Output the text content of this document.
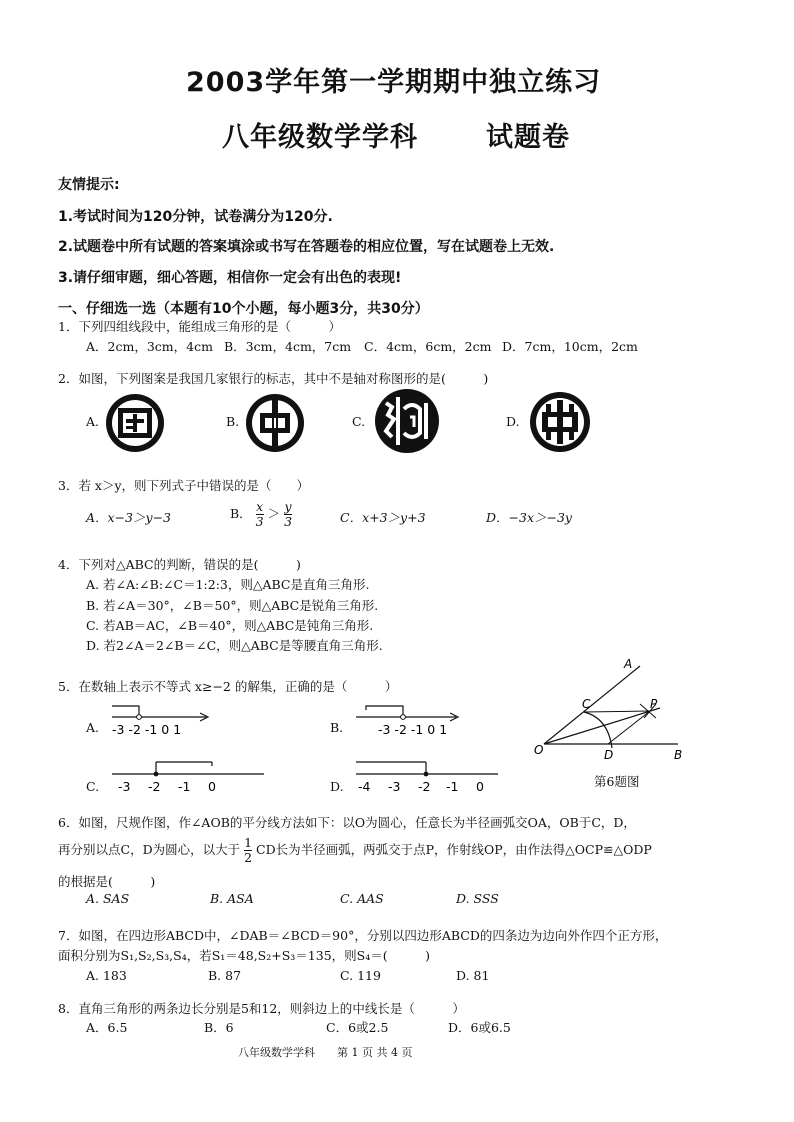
2003学年第一学期期中独立练习
八年级数学学科	试题卷
友情提示:
1.考试时间为120分钟，试卷满分为120分.
2.试题卷中所有试题的答案填涂或书写在答题卷的相应位置，写在试题卷上无效.
3.请仔细审题，细心答题，相信你一定会有出色的表现!
一、仔细选一选（本题有10个小题，每小题3分，共30分）
1．下列四组线段中，能组成三角形的是（　　　）
A．2cm，3cm，4cm B．3cm，4cm，7cm C．4cm，6cm，2cm D．7cm，10cm，2cm
2．如图，下列图案是我国几家银行的标志，其中不是轴对称图形的是(　　　)
A.	B.	C.	D.
3．若 x＞y，则下列式子中错误的是（　　）
A．x−3＞y−3	B． $\frac{x}{3} > \frac{y}{3}$	C．x+3＞y+3	D．−3x＞−3y
4．下列对△ABC的判断，错误的是(　　　)
A. 若∠A:∠B:∠C＝1:2:3，则△ABC是直角三角形.
B. 若∠A＝30°，∠B＝50°，则△ABC是锐角三角形.
C. 若AB＝AC，∠B＝40°，则△ABC是钝角三角形.
D. 若2∠A＝2∠B＝∠C，则△ABC是等腰直角三角形.
5．在数轴上表示不等式 x≥−2 的解集，正确的是（　　　）
A.	B.
C.	D.
-3 -2 -1 0 1	-3 -2 -1 0 1
-3 -2 -1 0	-4 -3 -2 -1 0
A
C	P
O	D	B
第6题图
6．如图，尺规作图，作∠AOB的平分线方法如下：以O为圆心，任意长为半径画弧交OA，OB于C，D，
再分别以点C，D为圆心，以大于 $\frac{1}{2}$ CD长为半径画弧，两弧交于点P，作射线OP，由作法得△OCP≌△ODP
的根据是(　　　)
A. SAS	B. ASA	C. AAS	D. SSS
7．如图，在四边形ABCD中，∠DAB＝∠BCD＝90°，分别以四边形ABCD的四条边为边向外作四个正方形，
面积分别为S₁,S₂,S₃,S₄，若S₁＝48,S₂+S₃＝135，则S₄＝(　　　)
A. 183	B. 87	C. 119	D. 81
8．直角三角形的两条边长分别是5和12，则斜边上的中线长是（　　　）
A．6.5	B．6	C．6或2.5	D．6或6.5
八年级数学学科　　第 1 页 共 4 页
